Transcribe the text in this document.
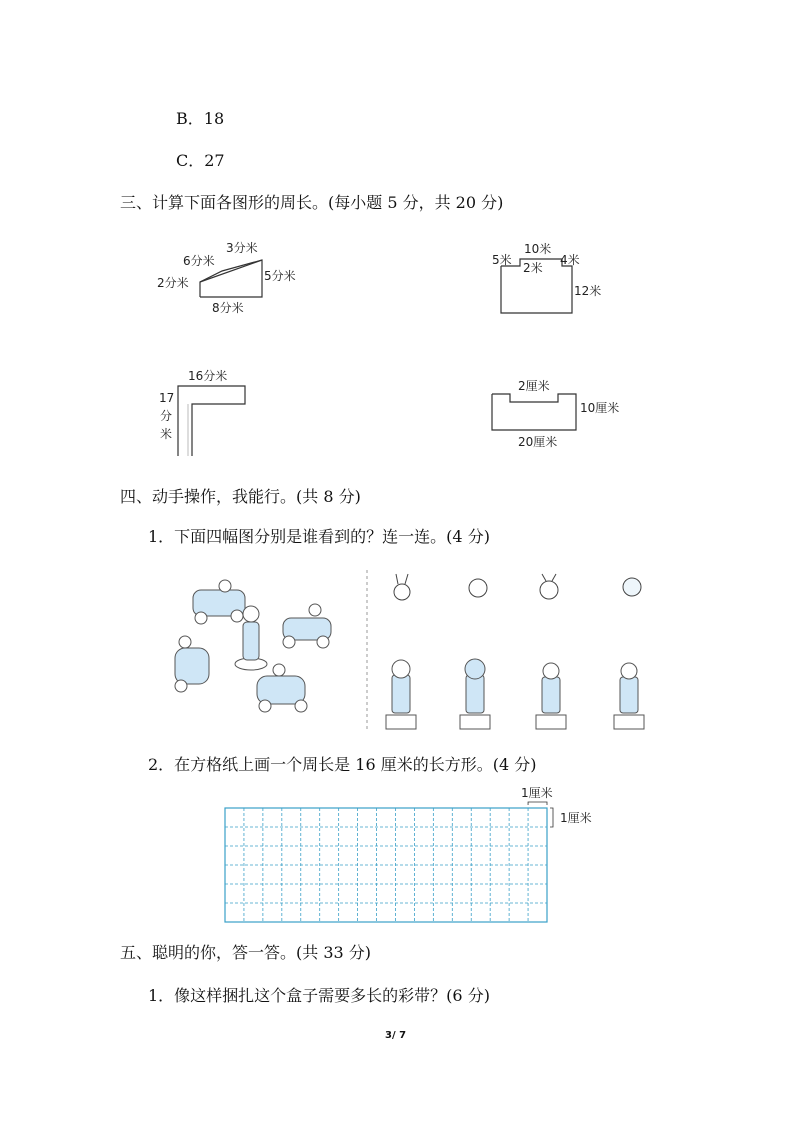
B．18
C．27
三、计算下面各图形的周长。(每小题 5 分，共 20 分)
3分米
6分米
2分米	5分米
8分米
10米
5米
2米
4米
12米
16分米
17
分
米
2厘米
10厘米
20厘米
四、动手操作，我能行。(共 8 分)
1．下面四幅图分别是谁看到的？连一连。(4 分)
2．在方格纸上画一个周长是 16 厘米的长方形。(4 分)
1厘米
1厘米
五、聪明的你，答一答。(共 33 分)
1．像这样捆扎这个盒子需要多长的彩带？(6 分)
3/ 7
